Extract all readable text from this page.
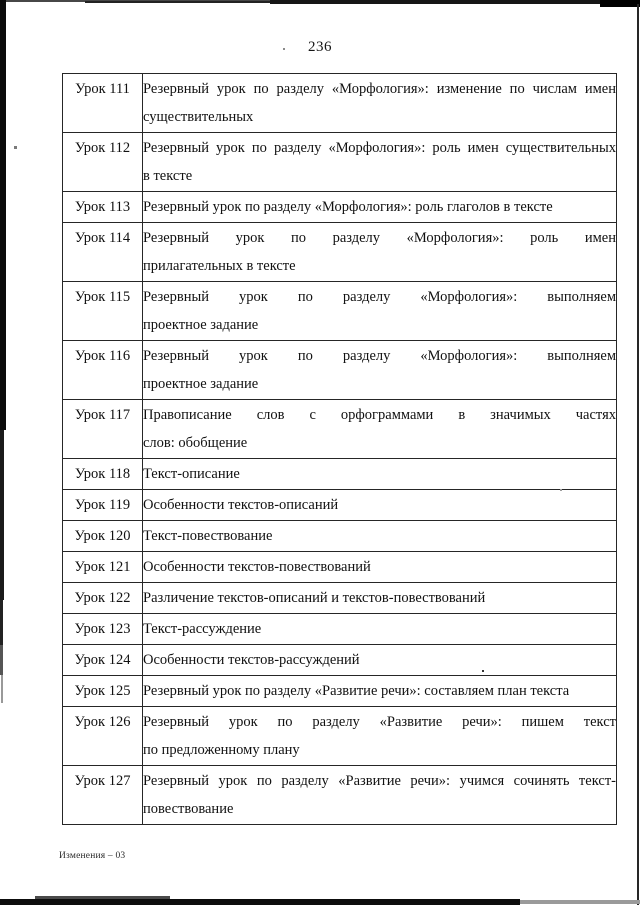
236
Урок 111	Резервный урок по разделу «Морфология»: изменение по числам имен
существительных

Урок 112	Резервный урок по разделу «Морфология»: роль имен существительных
в тексте

Урок 113	Резервный урок по разделу «Морфология»: роль глаголов в тексте

Урок 114	Резервный урок по разделу «Морфология»: роль имен
прилагательных в тексте

Урок 115	Резервный урок по разделу «Морфология»: выполняем
проектное задание

Урок 116	Резервный урок по разделу «Морфология»: выполняем
проектное задание

Урок 117	Правописание слов с орфограммами в значимых частях
слов: обобщение

Урок 118	Текст-описание

Урок 119	Особенности текстов-описаний

Урок 120	Текст-повествование

Урок 121	Особенности текстов-повествований

Урок 122	Различение текстов-описаний и текстов-повествований

Урок 123	Текст-рассуждение

Урок 124	Особенности текстов-рассуждений

Урок 125	Резервный урок по разделу «Развитие речи»: составляем план текста

Урок 126	Резервный урок по разделу «Развитие речи»: пишем текст
по предложенному плану

Урок 127	Резервный урок по разделу «Развитие речи»: учимся сочинять текст-
повествование
Изменения – 03
